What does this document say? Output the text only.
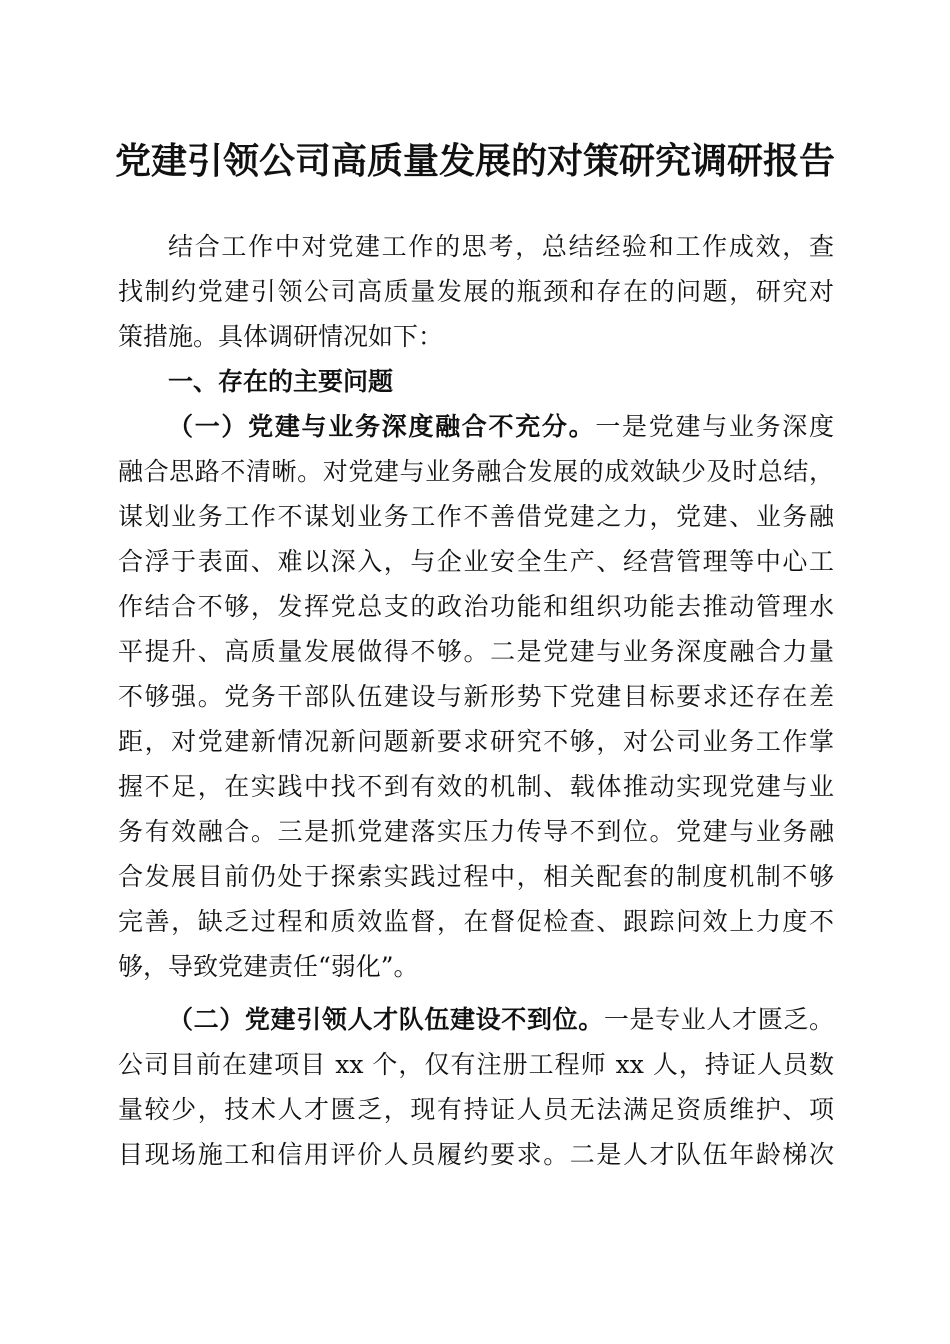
党建引领公司高质量发展的对策研究调研报告
结合工作中对党建工作的思考，总结经验和工作成效，查
找制约党建引领公司高质量发展的瓶颈和存在的问题，研究对
策措施。具体调研情况如下：
一、存在的主要问题
（一）党建与业务深度融合不充分。一是党建与业务深度
融合思路不清晰。对党建与业务融合发展的成效缺少及时总结，
谋划业务工作不谋划业务工作不善借党建之力，党建、业务融
合浮于表面、难以深入，与企业安全生产、经营管理等中心工
作结合不够，发挥党总支的政治功能和组织功能去推动管理水
平提升、高质量发展做得不够。二是党建与业务深度融合力量
不够强。党务干部队伍建设与新形势下党建目标要求还存在差
距，对党建新情况新问题新要求研究不够，对公司业务工作掌
握不足，在实践中找不到有效的机制、载体推动实现党建与业
务有效融合。三是抓党建落实压力传导不到位。党建与业务融
合发展目前仍处于探索实践过程中，相关配套的制度机制不够
完善，缺乏过程和质效监督，在督促检查、跟踪问效上力度不
够，导致党建责任“弱化”。
（二）党建引领人才队伍建设不到位。一是专业人才匮乏。
公司目前在建项目 xx 个，仅有注册工程师 xx 人，持证人员数
量较少，技术人才匮乏，现有持证人员无法满足资质维护、项
目现场施工和信用评价人员履约要求。二是人才队伍年龄梯次
